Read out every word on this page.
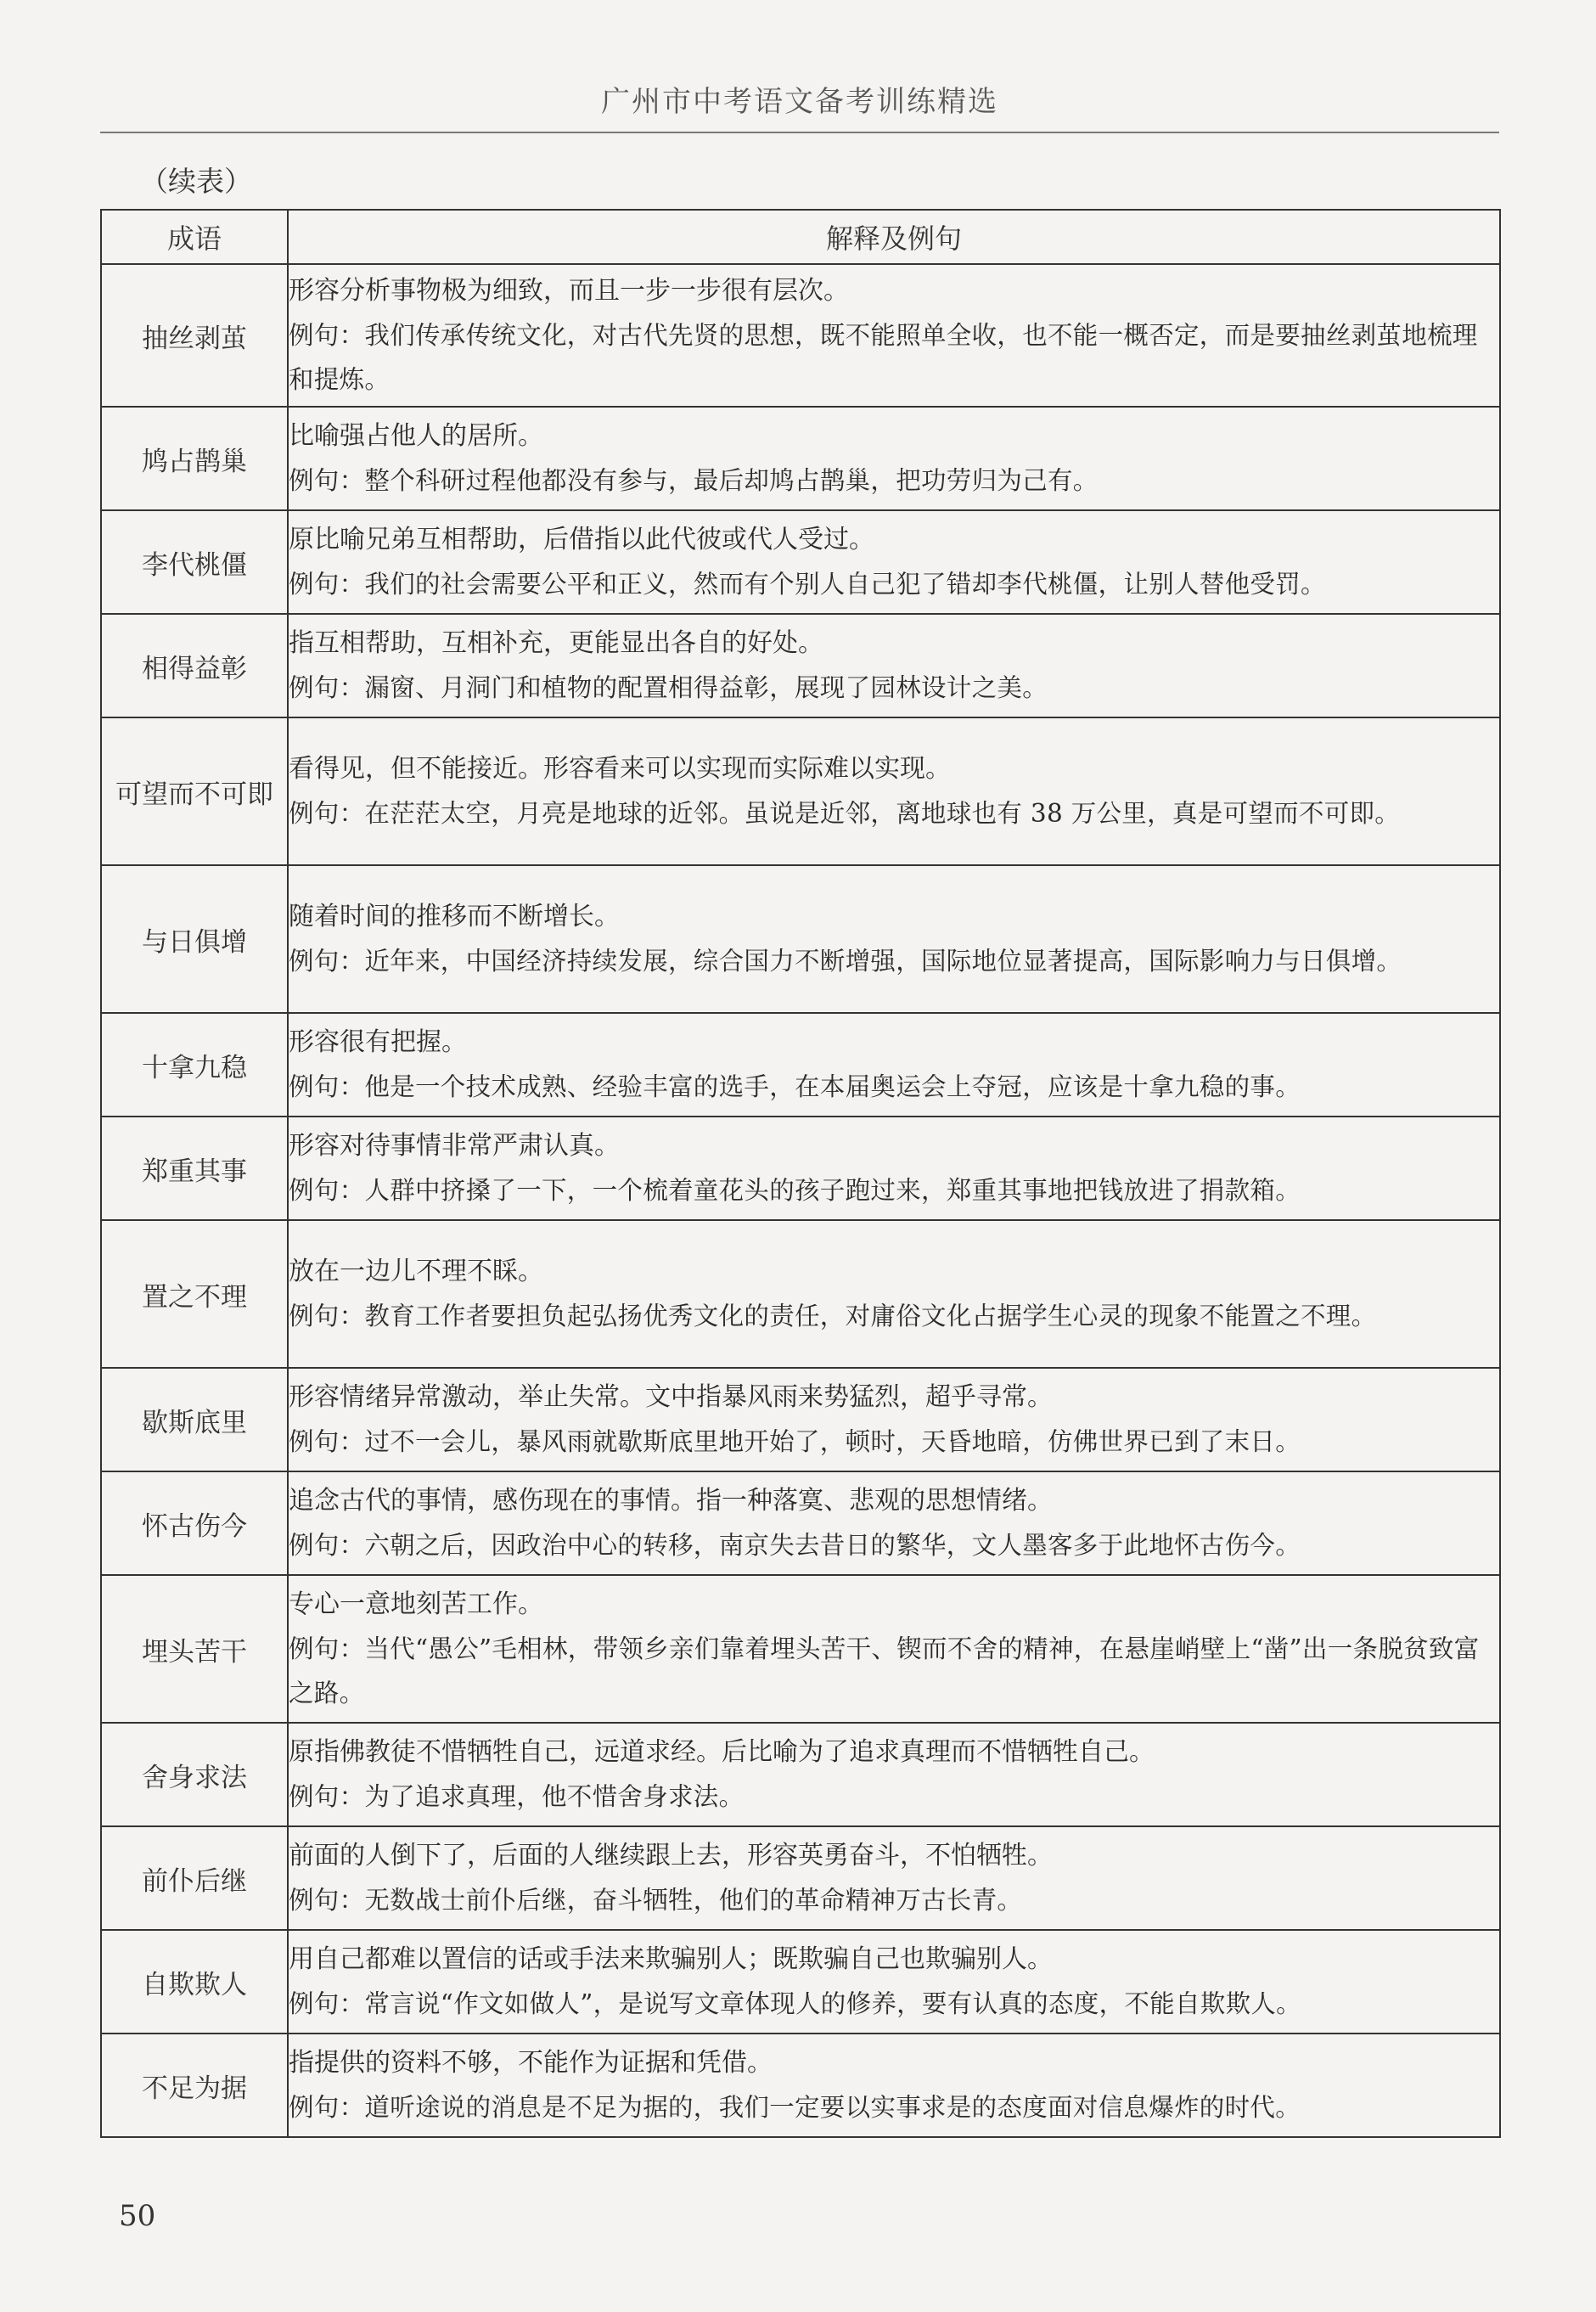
广州市中考语文备考训练精选
（续表）
成语	解释及例句
抽丝剥茧	形容分析事物极为细致，而且一步一步很有层次。
例句：我们传承传统文化，对古代先贤的思想，既不能照单全收，也不能一概否定，而是要抽丝剥茧地梳理和提炼。

鸠占鹊巢	比喻强占他人的居所。
例句：整个科研过程他都没有参与，最后却鸠占鹊巢，把功劳归为己有。

李代桃僵	原比喻兄弟互相帮助，后借指以此代彼或代人受过。
例句：我们的社会需要公平和正义，然而有个别人自己犯了错却李代桃僵，让别人替他受罚。

相得益彰	指互相帮助，互相补充，更能显出各自的好处。
例句：漏窗、月洞门和植物的配置相得益彰，展现了园林设计之美。

可望而不可即	看得见，但不能接近。形容看来可以实现而实际难以实现。
例句：在茫茫太空，月亮是地球的近邻。虽说是近邻，离地球也有 38 万公里，真是可望而不可即。

与日俱增	随着时间的推移而不断增长。
例句：近年来，中国经济持续发展，综合国力不断增强，国际地位显著提高，国际影响力与日俱增。

十拿九稳	形容很有把握。
例句：他是一个技术成熟、经验丰富的选手，在本届奥运会上夺冠，应该是十拿九稳的事。

郑重其事	形容对待事情非常严肃认真。
例句：人群中挤搡了一下，一个梳着童花头的孩子跑过来，郑重其事地把钱放进了捐款箱。

置之不理	放在一边儿不理不睬。
例句：教育工作者要担负起弘扬优秀文化的责任，对庸俗文化占据学生心灵的现象不能置之不理。

歇斯底里	形容情绪异常激动，举止失常。文中指暴风雨来势猛烈，超乎寻常。
例句：过不一会儿，暴风雨就歇斯底里地开始了，顿时，天昏地暗，仿佛世界已到了末日。

怀古伤今	追念古代的事情，感伤现在的事情。指一种落寞、悲观的思想情绪。
例句：六朝之后，因政治中心的转移，南京失去昔日的繁华，文人墨客多于此地怀古伤今。

埋头苦干	专心一意地刻苦工作。
例句：当代“愚公”毛相林，带领乡亲们靠着埋头苦干、锲而不舍的精神，在悬崖峭壁上“凿”出一条脱贫致富之路。

舍身求法	原指佛教徒不惜牺牲自己，远道求经。后比喻为了追求真理而不惜牺牲自己。
例句：为了追求真理，他不惜舍身求法。

前仆后继	前面的人倒下了，后面的人继续跟上去，形容英勇奋斗，不怕牺牲。
例句：无数战士前仆后继，奋斗牺牲，他们的革命精神万古长青。

自欺欺人	用自己都难以置信的话或手法来欺骗别人；既欺骗自己也欺骗别人。
例句：常言说“作文如做人”，是说写文章体现人的修养，要有认真的态度，不能自欺欺人。

不足为据	指提供的资料不够，不能作为证据和凭借。
例句：道听途说的消息是不足为据的，我们一定要以实事求是的态度面对信息爆炸的时代。
50
